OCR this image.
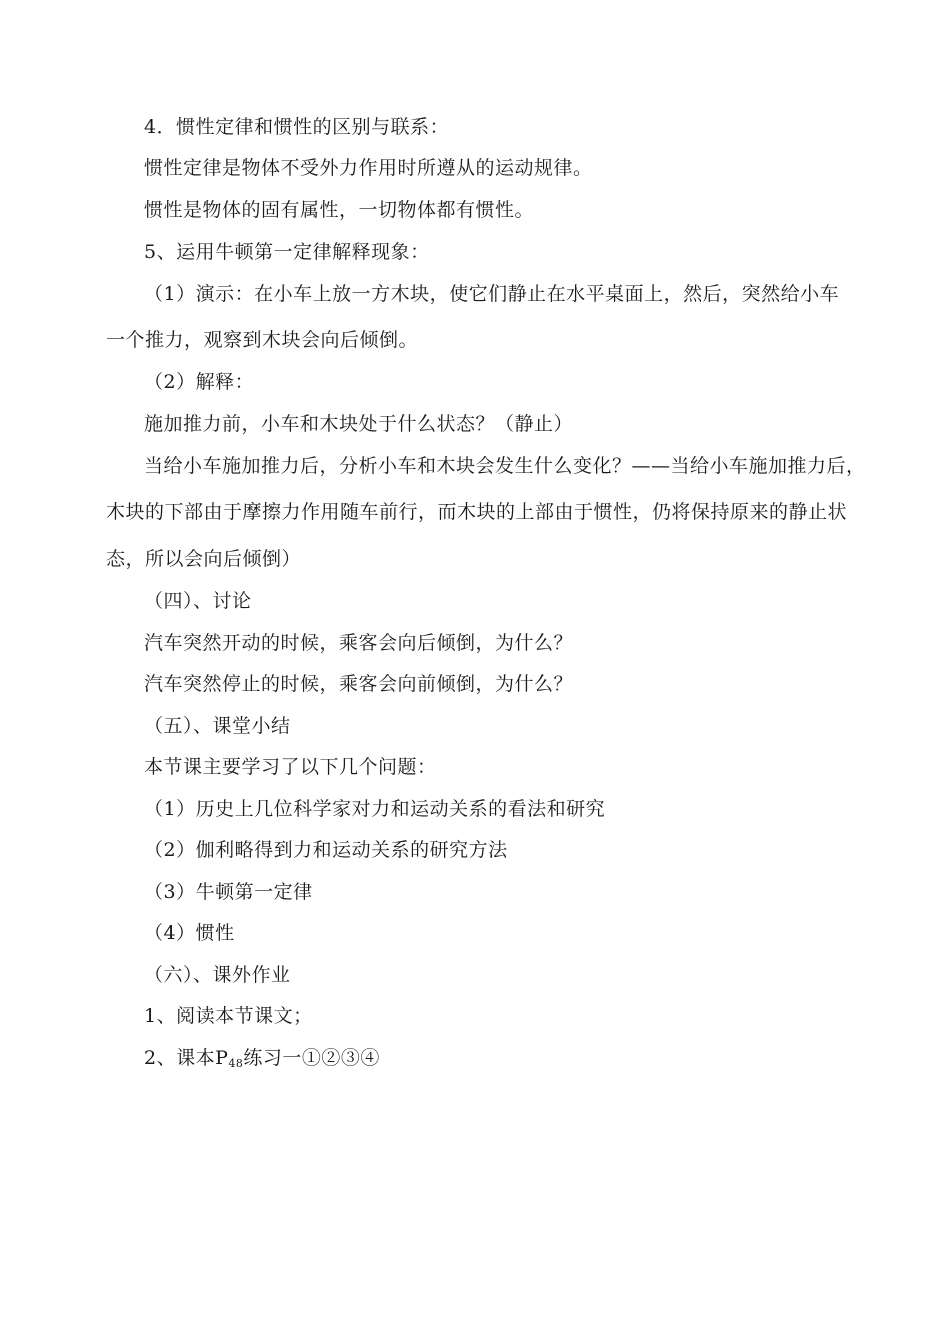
4．惯性定律和惯性的区别与联系：
惯性定律是物体不受外力作用时所遵从的运动规律。
惯性是物体的固有属性，一切物体都有惯性。
5、运用牛顿第一定律解释现象：
（1）演示：在小车上放一方木块，使它们静止在水平桌面上，然后，突然给小车
一个推力，观察到木块会向后倾倒。
（2）解释：
施加推力前，小车和木块处于什么状态？（静止）
当给小车施加推力后，分析小车和木块会发生什么变化？——当给小车施加推力后，
木块的下部由于摩擦力作用随车前行，而木块的上部由于惯性，仍将保持原来的静止状
态，所以会向后倾倒）
（四）、讨论
汽车突然开动的时候，乘客会向后倾倒，为什么？
汽车突然停止的时候，乘客会向前倾倒，为什么？
（五）、课堂小结
本节课主要学习了以下几个问题：
（1）历史上几位科学家对力和运动关系的看法和研究
（2）伽利略得到力和运动关系的研究方法
（3）牛顿第一定律
（4）惯性
（六）、课外作业
1、阅读本节课文；
2、课本$P_{48}$练习一①②③④
